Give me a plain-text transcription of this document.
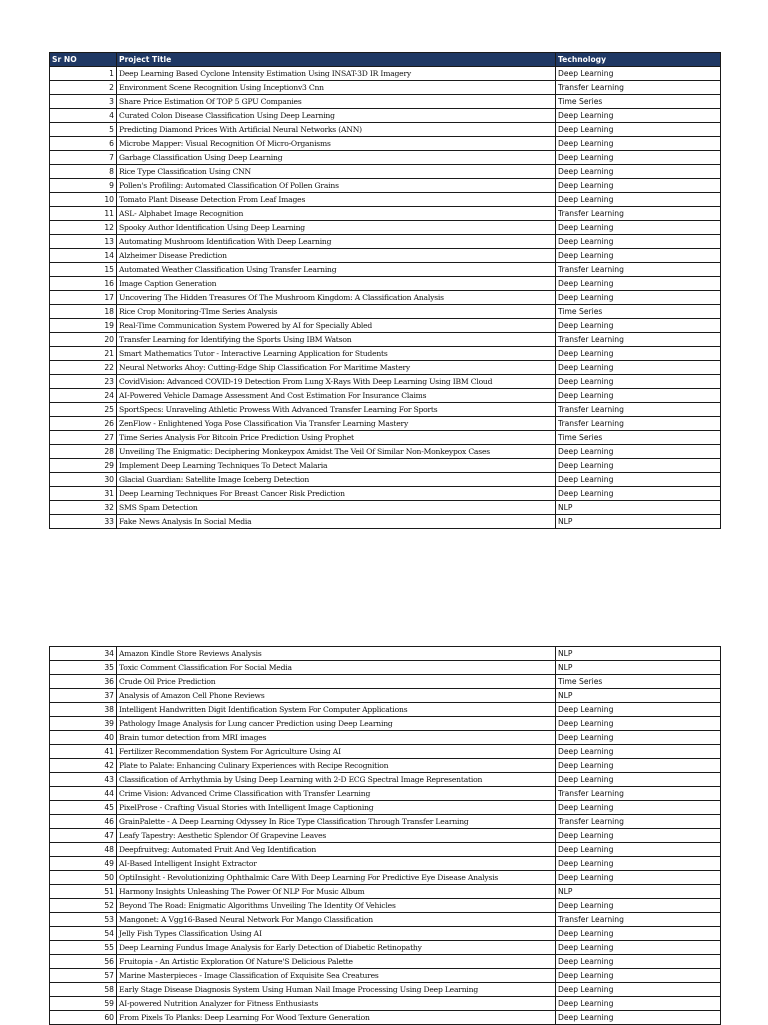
Sr NO	Project Title	Technology
1	Deep Learning Based Cyclone Intensity Estimation Using INSAT-3D IR Imagery	Deep Learning
2	Environment Scene Recognition Using Inceptionv3 Cnn	Transfer Learning
3	Share Price Estimation Of TOP 5 GPU Companies	Time Series
4	Curated Colon Disease Classification Using Deep Learning	Deep Learning
5	Predicting Diamond Prices With Artificial Neural Networks (ANN)	Deep Learning
6	Microbe Mapper: Visual Recognition Of Micro-Organisms	Deep Learning
7	Garbage Classification Using Deep Learning	Deep Learning
8	Rice Type Classification Using CNN	Deep Learning
9	Pollen's Profiling: Automated Classification Of Pollen Grains	Deep Learning
10	Tomato Plant Disease Detection From Leaf Images	Deep Learning
11	ASL- Alphabet Image Recognition	Transfer Learning
12	Spooky Author Identification Using Deep Learning	Deep Learning
13	Automating Mushroom Identification With Deep Learning	Deep Learning
14	Alzheimer Disease Prediction	Deep Learning
15	Automated Weather Classification Using Transfer Learning	Transfer Learning
16	Image Caption Generation	Deep Learning
17	Uncovering The Hidden Treasures Of The Mushroom Kingdom: A Classification Analysis	Deep Learning
18	Rice Crop Monitoring-TIme Series Analysis	Time Series
19	Real-Time Communication System Powered by AI for Specially Abled	Deep Learning
20	Transfer Learning for Identifying the Sports Using IBM Watson	Transfer Learning
21	Smart Mathematics Tutor - Interactive Learning Application for Students	Deep Learning
22	Neural Networks Ahoy: Cutting-Edge Ship Classification For Maritime Mastery	Deep Learning
23	CovidVision: Advanced COVID-19 Detection From Lung X-Rays With Deep Learning Using IBM Cloud	Deep Learning
24	AI-Powered Vehicle Damage Assessment And Cost Estimation For Insurance Claims	Deep Learning
25	SportSpecs: Unraveling Athletic Prowess With Advanced Transfer Learning For Sports	Transfer Learning
26	ZenFlow - Enlightened Yoga Pose Classification Via Transfer Learning Mastery	Transfer Learning
27	Time Series Analysis For Bitcoin Price Prediction Using Prophet	Time Series
28	Unveiling The Enigmatic: Deciphering Monkeypox Amidst The Veil Of Similar Non-Monkeypox Cases	Deep Learning
29	Implement Deep Learning Techniques To Detect Malaria	Deep Learning
30	Glacial Guardian: Satellite Image Iceberg Detection	Deep Learning
31	Deep Learning Techniques For Breast Cancer Risk Prediction	Deep Learning
32	SMS Spam Detection	NLP
33	Fake News Analysis In Social Media	NLP
34	Amazon Kindle Store Reviews Analysis	NLP
35	Toxic Comment Classification For Social Media	NLP
36	Crude Oil Price Prediction	Time Series
37	Analysis of Amazon Cell Phone Reviews	NLP
38	Intelligent Handwritten Digit Identification System For Computer Applications	Deep Learning
39	Pathology Image Analysis for Lung cancer Prediction using Deep Learning	Deep Learning
40	Brain tumor detection from MRI images	Deep Learning
41	Fertilizer Recommendation System For Agriculture Using AI	Deep Learning
42	Plate to Palate: Enhancing Culinary Experiences with Recipe Recognition	Deep Learning
43	Classification of Arrhythmia by Using Deep Learning with 2-D ECG Spectral Image Representation	Deep Learning
44	Crime Vision: Advanced Crime Classification with Transfer Learning	Transfer Learning
45	PixelProse - Crafting Visual Stories with Intelligent Image Captioning	Deep Learning
46	GrainPalette - A Deep Learning Odyssey In Rice Type Classification Through Transfer Learning	Transfer Learning
47	Leafy Tapestry: Aesthetic Splendor Of Grapevine Leaves	Deep Learning
48	Deepfruitveg: Automated Fruit And Veg Identification	Deep Learning
49	AI-Based Intelligent Insight Extractor	Deep Learning
50	OptiInsight - Revolutionizing Ophthalmic Care With Deep Learning For Predictive Eye Disease Analysis	Deep Learning
51	Harmony Insights Unleashing The Power Of NLP For Music Album	NLP
52	Beyond The Road: Enigmatic Algorithms Unveiling The Identity Of Vehicles	Deep Learning
53	Mangonet: A Vgg16-Based Neural Network For Mango Classification	Transfer Learning
54	Jelly Fish Types Classification Using AI	Deep Learning
55	Deep Learning Fundus Image Analysis for Early Detection of Diabetic Retinopathy	Deep Learning
56	Fruitopia - An Artistic Exploration Of Nature'S Delicious Palette	Deep Learning
57	Marine Masterpieces - Image Classification of Exquisite Sea Creatures	Deep Learning
58	Early Stage Disease Diagnosis System Using Human Nail Image Processing Using Deep Learning	Deep Learning
59	AI-powered Nutrition Analyzer for Fitness Enthusiasts	Deep Learning
60	From Pixels To Planks: Deep Learning For Wood Texture Generation	Deep Learning
